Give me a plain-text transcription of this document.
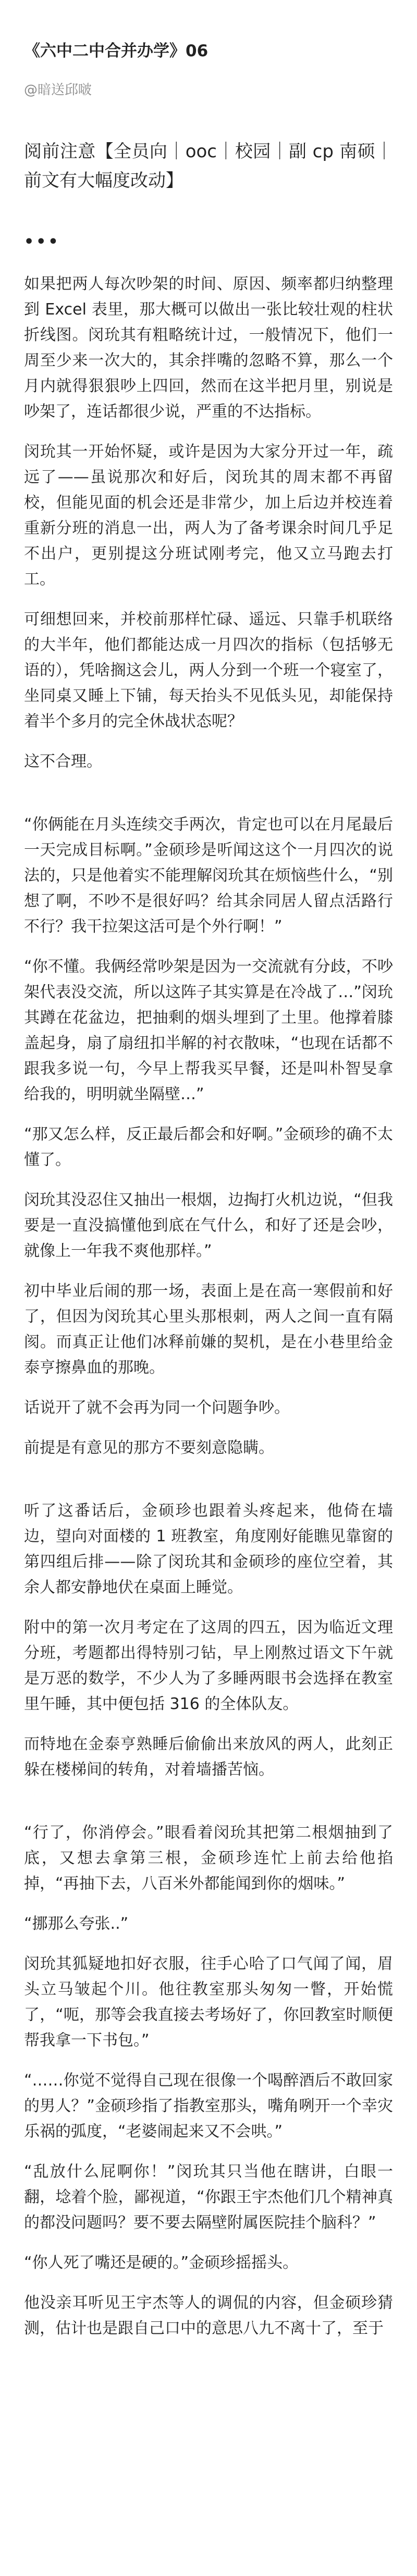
《六中二中合并办学》06
@暗送邱啵
阅前注意【全员向｜ooc｜校园｜副 cp 南硕｜前文有大幅度改动】
•••

如果把两人每次吵架的时间、原因、频率都归纳整理到 Excel 表里，那大概可以做出一张比较壮观的柱状折线图。闵玧其有粗略统计过，一般情况下，他们一周至少来一次大的，其余拌嘴的忽略不算，那么一个月内就得狠狠吵上四回，然而在这半把月里，别说是吵架了，连话都很少说，严重的不达指标。

闵玧其一开始怀疑，或许是因为大家分开过一年，疏远了——虽说那次和好后，闵玧其的周末都不再留校，但能见面的机会还是非常少，加上后边并校连着重新分班的消息一出，两人为了备考课余时间几乎足不出户，更别提这分班试刚考完，他又立马跑去打工。

可细想回来，并校前那样忙碌、遥远、只靠手机联络的大半年，他们都能达成一月四次的指标（包括够无语的），凭啥搁这会儿，两人分到一个班一个寝室了，坐同桌又睡上下铺，每天抬头不见低头见，却能保持着半个多月的完全休战状态呢？

这不合理。

“你俩能在月头连续交手两次，肯定也可以在月尾最后一天完成目标啊。”金硕珍是听闻这这个一月四次的说法的，只是他着实不能理解闵玧其在烦恼些什么，“别想了啊，不吵不是很好吗？给其余同居人留点活路行不行？我干拉架这活可是个外行啊！”

“你不懂。我俩经常吵架是因为一交流就有分歧，不吵架代表没交流，所以这阵子其实算是在冷战了…”闵玧其蹲在花盆边，把抽剩的烟头埋到了土里。他撑着膝盖起身，扇了扇纽扣半解的衬衣散味，“也现在话都不跟我多说一句，今早上帮我买早餐，还是叫朴智旻拿给我的，明明就坐隔壁…”

“那又怎么样，反正最后都会和好啊。”金硕珍的确不太懂了。

闵玧其没忍住又抽出一根烟，边掏打火机边说，“但我要是一直没搞懂他到底在气什么，和好了还是会吵，就像上一年我不爽他那样。”

初中毕业后闹的那一场，表面上是在高一寒假前和好了，但因为闵玧其心里头那根刺，两人之间一直有隔阂。而真正让他们冰释前嫌的契机，是在小巷里给金泰亨擦鼻血的那晚。

话说开了就不会再为同一个问题争吵。

前提是有意见的那方不要刻意隐瞒。

听了这番话后，金硕珍也跟着头疼起来，他倚在墙边，望向对面楼的 1 班教室，角度刚好能瞧见靠窗的第四组后排——除了闵玧其和金硕珍的座位空着，其余人都安静地伏在桌面上睡觉。

附中的第一次月考定在了这周的四五，因为临近文理分班，考题都出得特别刁钻，早上刚熬过语文下午就是万恶的数学，不少人为了多睡两眼书会选择在教室里午睡，其中便包括 316 的全体队友。

而特地在金泰亨熟睡后偷偷出来放风的两人，此刻正躲在楼梯间的转角，对着墙播苦恼。

“行了，你消停会。”眼看着闵玧其把第二根烟抽到了底，又想去拿第三根，金硕珍连忙上前去给他掐掉，“再抽下去，八百米外都能闻到你的烟味。”

“挪那么夸张..”

闵玧其狐疑地扣好衣服，往手心哈了口气闻了闻，眉头立马皱起个川。他往教室那头匆匆一瞥，开始慌了，“呃，那等会我直接去考场好了，你回教室时顺便帮我拿一下书包。”

“……你觉不觉得自己现在很像一个喝醉酒后不敢回家的男人？”金硕珍指了指教室那头，嘴角咧开一个幸灾乐祸的弧度，“老婆闹起来又不会哄。”

“乱放什么屁啊你！”闵玧其只当他在瞎讲，白眼一翻，埝着个脸，鄙视道，“你跟王宇杰他们几个精神真的都没问题吗？要不要去隔壁附属医院挂个脑科？”

“你人死了嘴还是硬的。”金硕珍摇摇头。

他没亲耳听见王宇杰等人的调侃的内容，但金硕珍猜测，估计也是跟自己口中的意思八九不离十了，至于
